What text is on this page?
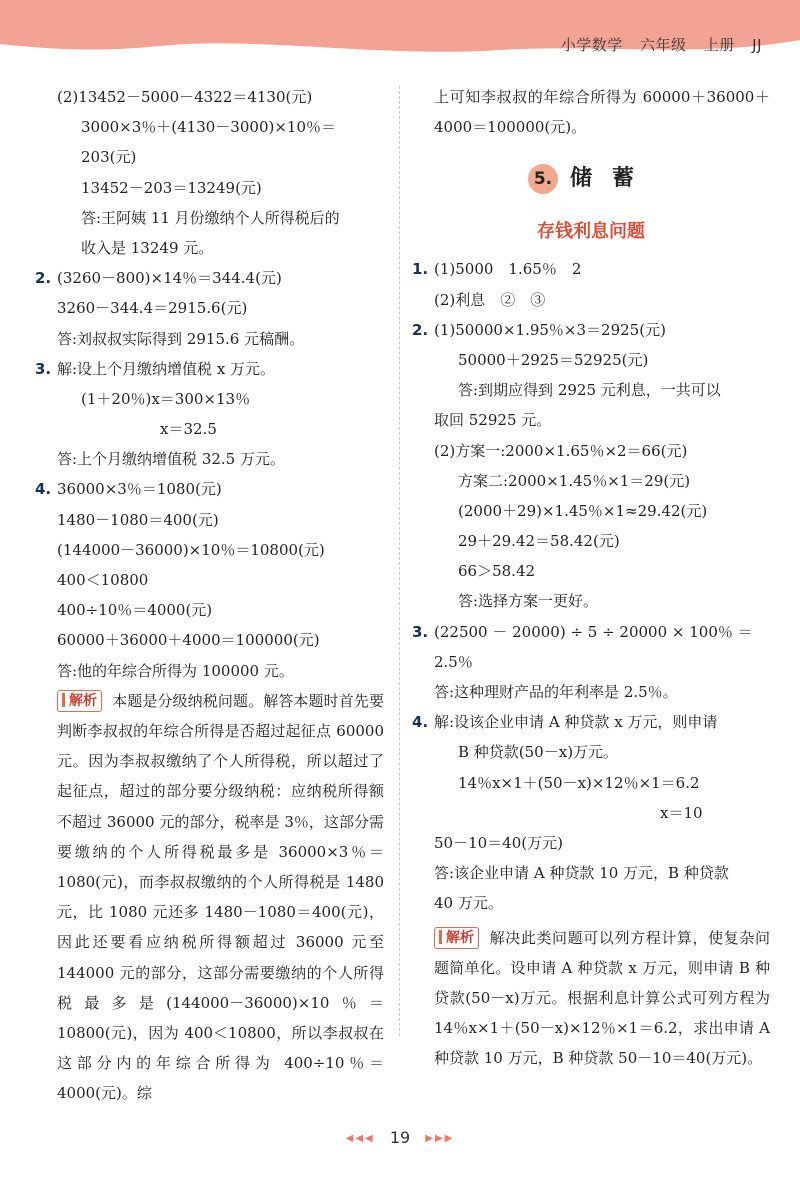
小学数学 六年级 上册 JJ
(2)13452－5000－4322＝4130(元)
3000×3％＋(4130－3000)×10％＝
203(元)
13452－203＝13249(元)
答:王阿姨 11 月份缴纳个人所得税后的
收入是 13249 元。
2. (3260－800)×14％＝344.4(元)
3260－344.4＝2915.6(元)
答:刘叔叔实际得到 2915.6 元稿酬。
3. 解:设上个月缴纳增值税 x 万元。
(1＋20％)x＝300×13％
x＝32.5
答:上个月缴纳增值税 32.5 万元。
4. 36000×3％＝1080(元)
1480－1080＝400(元)
(144000－36000)×10％＝10800(元)
400＜10800
400÷10％＝4000(元)
60000＋36000＋4000＝100000(元)
答:他的年综合所得为 100000 元。
解析 本题是分级纳税问题。解答本题时首先要判断李叔叔的年综合所得是否超过起征点 60000 元。因为李叔叔缴纳了个人所得税，所以超过了起征点，超过的部分要分级纳税：应纳税所得额不超过 36000 元的部分，税率是 3％，这部分需要缴纳的个人所得税最多是 36000×3％＝1080(元)，而李叔叔缴纳的个人所得税是 1480 元，比 1080 元还多 1480－1080＝400(元)，因此还要看应纳税所得额超过 36000 元至 144000 元的部分，这部分需要缴纳的个人所得税最多是(144000－36000)×10％＝10800(元)，因为 400＜10800，所以李叔叔在这部分内的年综合所得为 400÷10％＝4000(元)。综
上可知李叔叔的年综合所得为 60000＋36000＋4000＝100000(元)。
5. 储蓄
存钱利息问题
1. (1)5000　1.65％　2
(2)利息　②　③
2. (1)50000×1.95％×3＝2925(元)
50000＋2925＝52925(元)
答:到期应得到 2925 元利息，一共可以
取回 52925 元。
(2)方案一:2000×1.65％×2＝66(元)
方案二:2000×1.45％×1＝29(元)
(2000＋29)×1.45％×1≈29.42(元)
29＋29.42＝58.42(元)
66＞58.42
答:选择方案一更好。
3. (22500 － 20000) ÷ 5 ÷ 20000 × 100％ ＝
2.5％
答:这种理财产品的年利率是 2.5％。
4. 解:设该企业申请 A 种贷款 x 万元，则申请
B 种贷款(50－x)万元。
14％x×1＋(50－x)×12％×1＝6.2
x＝10
50－10＝40(万元)
答:该企业申请 A 种贷款 10 万元，B 种贷款
40 万元。
解析 解决此类问题可以列方程计算，使复杂问题简单化。设申请 A 种贷款 x 万元，则申请 B 种贷款(50－x)万元。根据利息计算公式可列方程为 14％x×1＋(50－x)×12％×1＝6.2，求出申请 A 种贷款 10 万元，B 种贷款 50－10＝40(万元)。
◀◀◀ 19 ▶▶▶
